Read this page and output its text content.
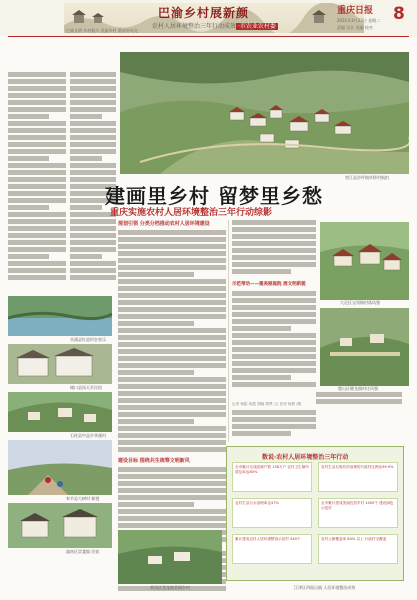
巴渝乡村展新颜
农村人居环境整治三年行动成效 ·市农业农村委
重庆日报 8
2021年3月23日 星期二
责编 设计 美编 校对
巴渝文明 乡村振兴 美丽乡村 重庆好风光
垫江县沙坪镇毕桥村航拍
建画里乡村 留梦里乡愁
重庆实施农村人居环境整治三年行动综影
巫溪县红池坝农家乐
城口县岚天乡民宿
石柱县中益乡华溪村
奉节县大树村 新貌
潼南区崇龛镇 民宿
规划引领 分类分档推动农村人居环境建设
建设目标 围绕共生统筹文明新风
示范带动——建美丽庭院 展文明新貌
记者 杨铭 何霞 胡晓 胡琴 /文 任何 杨程 /图
大足区宝顶镇村落风貌
璧山区健龙镇村庄风貌
数说·农村人居环境整治三年行动
全市累计完成改厕户数 138万户 农村卫生厕所普及率达80%
农村生活垃圾有效治理的行政村比例达99.9%
农村生活污水治理率达37%	全市累计建成美丽宜居乡村 1400个 建设绿色示范村
累计建成农村人居环境整治示范村 440个	农村公厕覆盖率 80% 以上 行政村全覆盖
荣昌区盘龙镇美丽乡村	江津区四面山镇 人居环境整治成效
